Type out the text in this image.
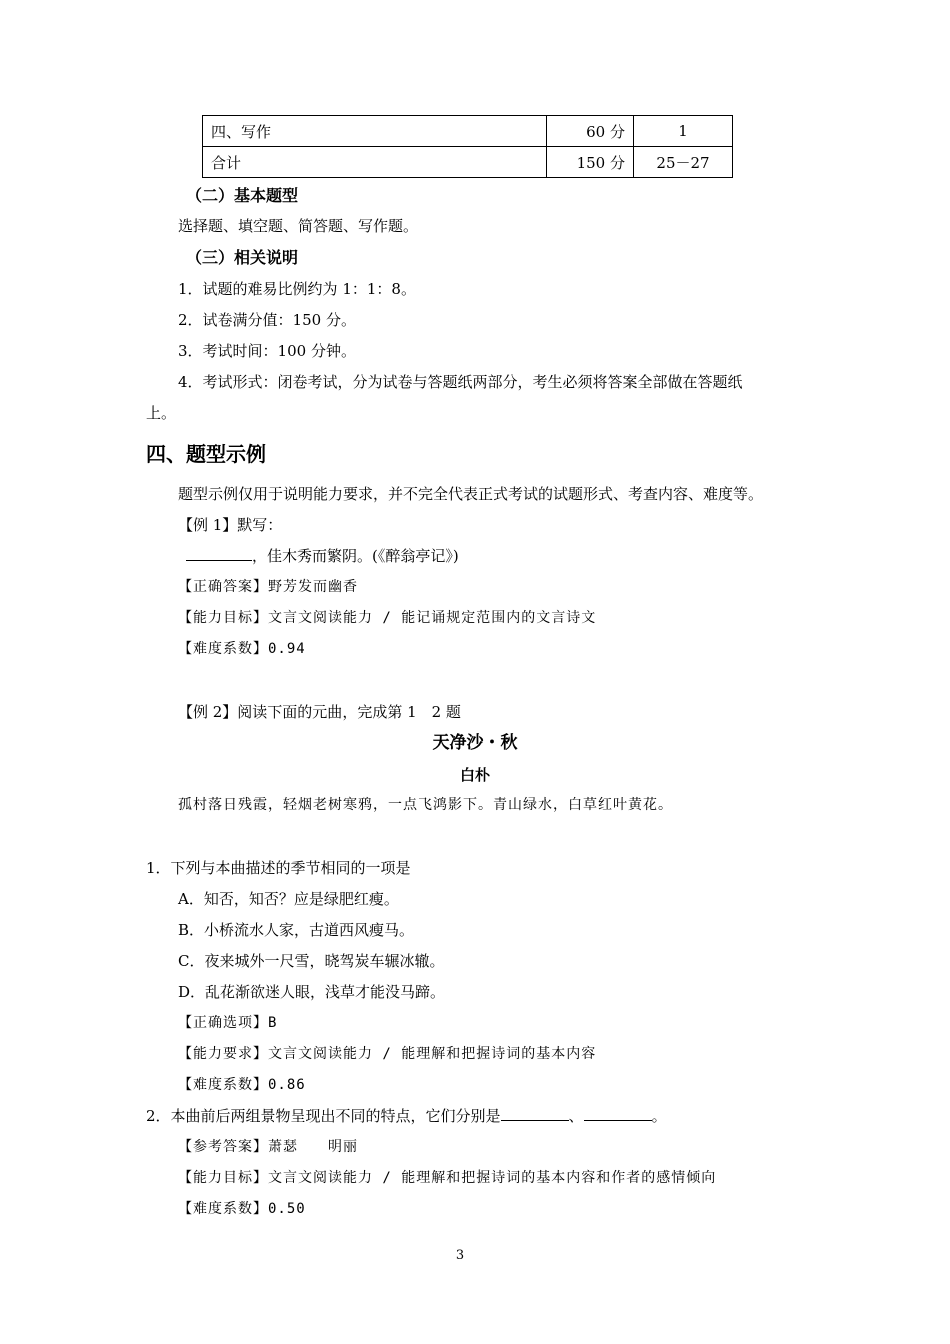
四、写作	60 分	1
合计	150 分	25－27
（二）基本题型
选择题、填空题、简答题、写作题。
（三）相关说明
1．试题的难易比例约为 1：1：8。
2．试卷满分值：150 分。
3．考试时间：100 分钟。
4．考试形式：闭卷考试，分为试卷与答题纸两部分，考生必须将答案全部做在答题纸
上。
四、题型示例
题型示例仅用于说明能力要求，并不完全代表正式考试的试题形式、考查内容、难度等。
【例 1】默写：
，佳木秀而繁阴。(《醉翁亭记》)
【正确答案】野芳发而幽香
【能力目标】文言文阅读能力 / 能记诵规定范围内的文言诗文
【难度系数】0.94
【例 2】阅读下面的元曲，完成第 1　2 题
天净沙・秋
白朴
孤村落日残霞，轻烟老树寒鸦，一点飞鸿影下。青山绿水，白草红叶黄花。
1．下列与本曲描述的季节相同的一项是
A．知否，知否？应是绿肥红瘦。
B．小桥流水人家，古道西风瘦马。
C．夜来城外一尺雪，晓驾炭车辗冰辙。
D．乱花渐欲迷人眼，浅草才能没马蹄。
【正确选项】B
【能力要求】文言文阅读能力 / 能理解和把握诗词的基本内容
【难度系数】0.86
2．本曲前后两组景物呈现出不同的特点，它们分别是	、	。
【参考答案】萧瑟　　明丽
【能力目标】文言文阅读能力 / 能理解和把握诗词的基本内容和作者的感情倾向
【难度系数】0.50
3
